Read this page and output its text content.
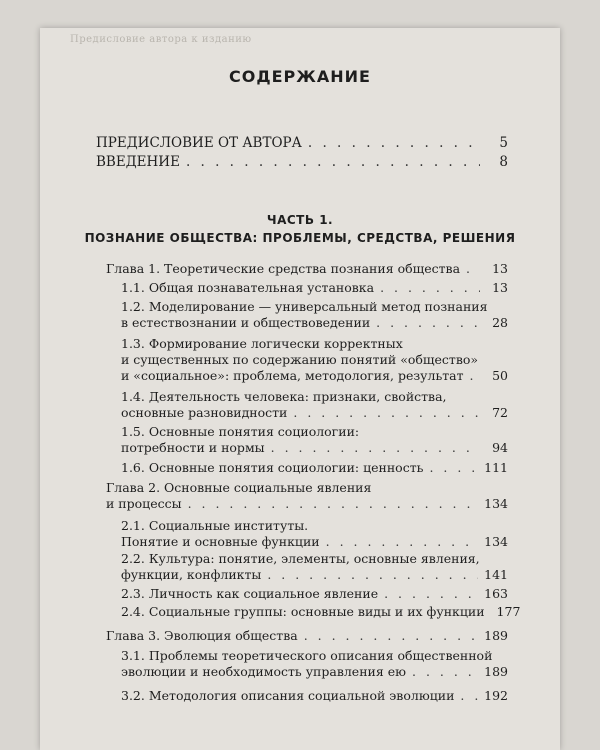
Предисловие автора к изданию
СОДЕРЖАНИЕ
ПРЕДИСЛОВИЕ ОТ АВТОРА . . .	5
ВВЕДЕНИЕ . . .	8
ЧАСТЬ 1.
ПОЗНАНИЕ ОБЩЕСТВА: ПРОБЛЕМЫ, СРЕДСТВА, РЕШЕНИЯ
Глава 1. Теоретические средства познания общества . . .	13
1.1. Общая познавательная установка . . .	13
1.2. Моделирование — универсальный метод познания
в естествознании и обществоведении . . .	28
1.3. Формирование логически корректных
и существенных по содержанию понятий «общество»
и «социальное»: проблема, методология, результат . . .	50
1.4. Деятельность человека: признаки, свойства,
основные разновидности . . .	72
1.5. Основные понятия социологии:
потребности и нормы . . .	94
1.6. Основные понятия социологии: ценность . . .	111
Глава 2. Основные социальные явления
и процессы . . .	134
2.1. Социальные институты.
Понятие и основные функции . . .	134
2.2. Культура: понятие, элементы, основные явления,
функции, конфликты . . .	141
2.3. Личность как социальное явление . . .	163
2.4. Социальные группы: основные виды и их функции 177
Глава 3. Эволюция общества . . .	189
3.1. Проблемы теоретического описания общественной
эволюции и необходимость управления ею . . .	189
3.2. Методология описания социальной эволюции . . . 192
